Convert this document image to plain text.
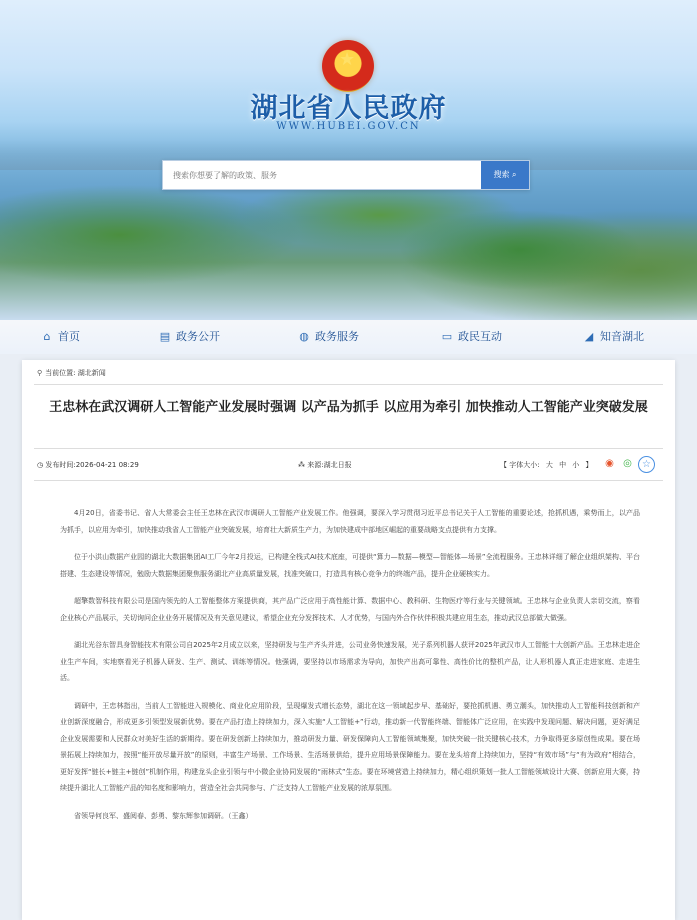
★
湖北省人民政府
WWW.HUBEI.GOV.CN
搜索你想要了解的政策、服务
搜索 ⌕
⌂ 首页	▤ 政务公开	◍ 政务服务	▭ 政民互动	◢ 知音湖北
⚲ 当前位置: 湖北新闻
王忠林在武汉调研人工智能产业发展时强调 以产品为抓手 以应用为牵引 加快推动人工智能产业突破发展
◷ 发布时间:2026-04-21 08:29	⁂ 来源:湖北日报	【 字体大小: 大 中 小 】	◉ ◎	☆

4月20日，省委书记、省人大常委会主任王忠林在武汉市调研人工智能产业发展工作。他强调，要深入学习贯彻习近平总书记关于人工智能的重要论述，抢抓机遇，乘势而上，以产品为抓手，以应用为牵引，加快推动我省人工智能产业突破发展，培育壮大新质生产力，为加快建成中部地区崛起的重要战略支点提供有力支撑。

位于小洪山数据产业园的湖北大数据集团AI工厂今年2月投运，已构建全栈式AI技术底座，可提供“算力—数据—模型—智能体—场景”全流程服务。王忠林详细了解企业组织架构、平台搭建、生态建设等情况，勉励大数据集团聚焦服务湖北产业高质量发展，找准突破口，打造具有核心竞争力的终端产品，提升企业硬核实力。

超擎数智科技有限公司是国内领先的人工智能整体方案提供商，其产品广泛应用于高性能计算、数据中心、教科研、生物医疗等行业与关键领域。王忠林与企业负责人亲切交流，察看企业核心产品展示，关切询问企业业务开展情况及有关意见建议，希望企业充分发挥技术、人才优势，与国内外合作伙伴积极共建应用生态，推动武汉总部做大做强。

湖北光谷东智具身智能技术有限公司自2025年2月成立以来，坚持研发与生产齐头并进，公司业务快速发展，光子系列机器人获评2025年武汉市人工智能十大创新产品。王忠林走进企业生产车间，实地察看光子机器人研发、生产、测试、训练等情况。他强调，要坚持以市场需求为导向，加快产出高可靠性、高性价比的整机产品，让人形机器人真正走进家庭、走进生活。

调研中，王忠林指出，当前人工智能进入规模化、商业化应用阶段，呈现爆发式增长态势，湖北在这一领域起步早、基础好，要抢抓机遇、勇立潮头，加快推动人工智能科技创新和产业创新深度融合，形成更多引领型发展新优势。要在产品打造上持续加力，深入实施“人工智能+”行动，推动新一代智能终端、智能体广泛应用，在实践中发现问题、解决问题，更好满足企业发展需要和人民群众对美好生活的新期待。要在研发创新上持续加力，推动研发力量、研发保障向人工智能领域集聚，加快突破一批关键核心技术，力争取得更多原创性成果。要在场景拓展上持续加力，按照“能开放尽量开放”的原则，丰富生产场景、工作场景、生活场景供给，提升应用场景保障能力。要在龙头培育上持续加力，坚持“有效市场”与“有为政府”相结合，更好发挥“链长+链主+链创”机制作用，构建龙头企业引领与中小微企业协同发展的“雨林式”生态。要在环境营造上持续加力，精心组织策划一批人工智能领域设计大赛、创新应用大赛，持续提升湖北人工智能产品的知名度和影响力，营造全社会共同参与、广泛支持人工智能产业发展的浓厚氛围。

省领导何良军、盛阅春、彭勇、黎东辉参加调研。（王鑫）
